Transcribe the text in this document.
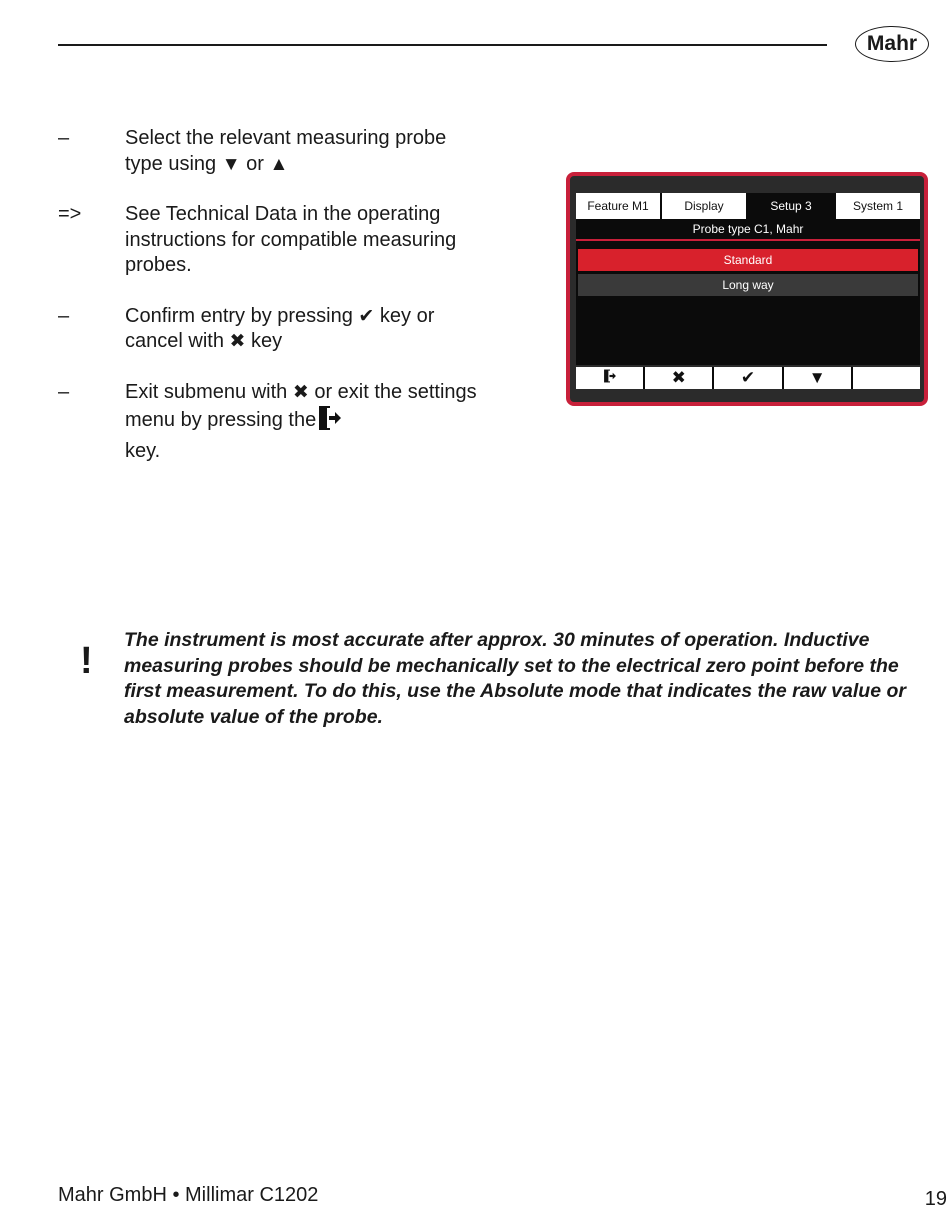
Mahr
–	Select the relevant measuring probe type using ▼ or ▲
=>	See Technical Data in the operating instructions for compatible measuring probes.
–	Confirm entry by pressing ✔ key or cancel with ✖ key
–	Exit submenu with ✖ or exit the settings menu by pressing the
key.
Feature M1	Display	Setup 3	System 1
Probe type C1, Mahr
Standard
Long way
✖	✔	▼
! The instrument is most accurate after approx. 30 minutes of operation. Inductive measuring probes should be mechanically set to the electrical zero point before the first measurement. To do this, use the Absolute mode that indicates the raw value or absolute value of the probe.
Mahr GmbH • Millimar C1202	19
